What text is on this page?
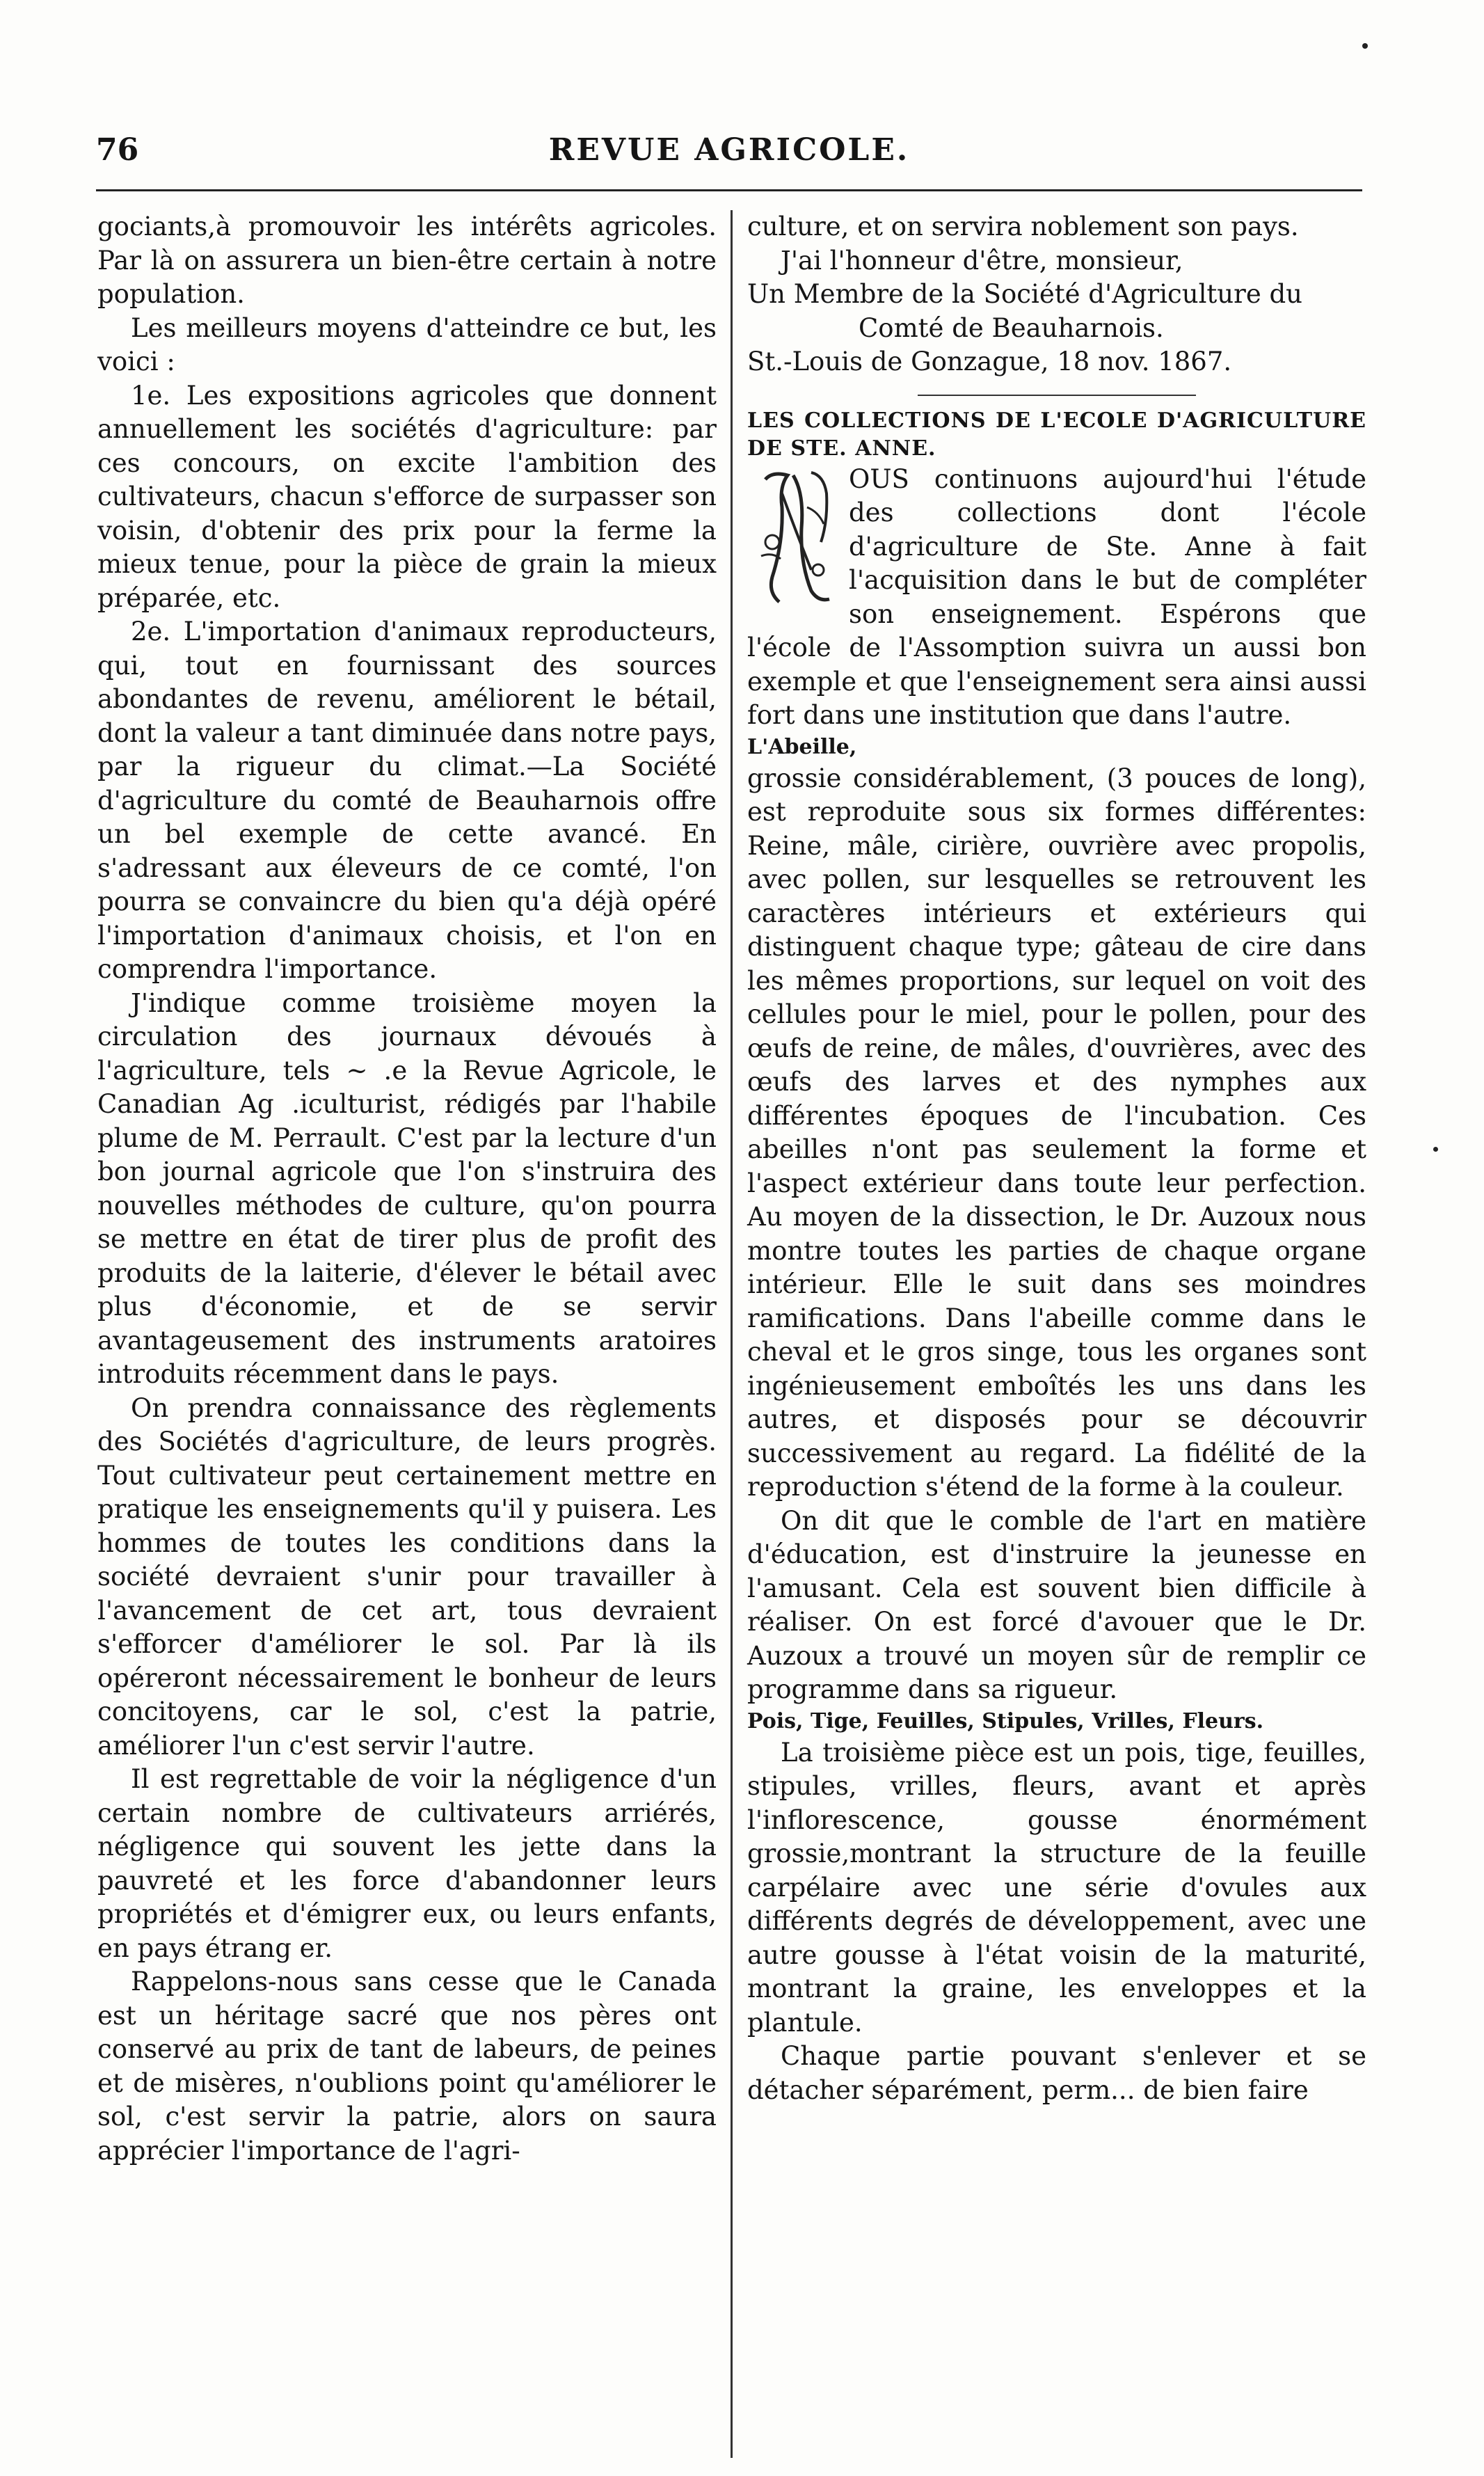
76	REVUE AGRICOLE.

gociants,à promouvoir les intérêts agricoles. Par là on assurera un bien-être certain à notre population.

Les meilleurs moyens d'atteindre ce but, les voici :

1e. Les expositions agricoles que donnent annuellement les sociétés d'agriculture: par ces concours, on excite l'ambition des cultivateurs, chacun s'efforce de surpasser son voisin, d'obtenir des prix pour la ferme la mieux tenue, pour la pièce de grain la mieux préparée, etc.

2e. L'importation d'animaux reproducteurs, qui, tout en fournissant des sources abondantes de revenu, améliorent le bétail, dont la valeur a tant diminuée dans notre pays, par la rigueur du climat.—La Société d'agriculture du comté de Beauharnois offre un bel exemple de cette avancé. En s'adressant aux éleveurs de ce comté, l'on pourra se convaincre du bien qu'a déjà opéré l'importation d'animaux choisis, et l'on en comprendra l'importance.

J'indique comme troisième moyen la circulation des journaux dévoués à l'agriculture, tels ~ .e la Revue Agricole, le Canadian Ag .iculturist, rédigés par l'habile plume de M. Perrault. C'est par la lecture d'un bon journal agricole que l'on s'instruira des nouvelles méthodes de culture, qu'on pourra se mettre en état de tirer plus de profit des produits de la laiterie, d'élever le bétail avec plus d'économie, et de se servir avantageusement des instruments aratoires introduits récemment dans le pays.

On prendra connaissance des règlements des Sociétés d'agriculture, de leurs progrès. Tout cultivateur peut certainement mettre en pratique les enseignements qu'il y puisera. Les hommes de toutes les conditions dans la société devraient s'unir pour travailler à l'avancement de cet art, tous devraient s'efforcer d'améliorer le sol. Par là ils opéreront nécessairement le bonheur de leurs concitoyens, car le sol, c'est la patrie, améliorer l'un c'est servir l'autre.

Il est regrettable de voir la négligence d'un certain nombre de cultivateurs arriérés, négligence qui souvent les jette dans la pauvreté et les force d'abandonner leurs propriétés et d'émigrer eux, ou leurs enfants, en pays étrang er.

Rappelons-nous sans cesse que le Canada est un héritage sacré que nos pères ont conservé au prix de tant de labeurs, de peines et de misères, n'oublions point qu'améliorer le sol, c'est servir la patrie, alors on saura apprécier l'importance de l'agri-

culture, et on servira noblement son pays.

J'ai l'honneur d'être, monsieur,

Un Membre de la Société d'Agriculture du

Comté de Beauharnois.

St.-Louis de Gonzague, 18 nov. 1867.

LES COLLECTIONS DE L'ECOLE D'AGRICULTURE DE STE. ANNE.

OUS continuons aujourd'hui l'étude des collections dont l'école d'agriculture de Ste. Anne à fait l'acquisition dans le but de compléter son enseignement. Espérons que l'école de l'Assomption suivra un aussi bon exemple et que l'enseignement sera ainsi aussi fort dans une institution que dans l'autre.

L'Abeille,

grossie considérablement, (3 pouces de long), est reproduite sous six formes différentes: Reine, mâle, cirière, ouvrière avec propolis, avec pollen, sur lesquelles se retrouvent les caractères intérieurs et extérieurs qui distinguent chaque type; gâteau de cire dans les mêmes proportions, sur lequel on voit des cellules pour le miel, pour le pollen, pour des œufs de reine, de mâles, d'ouvrières, avec des œufs des larves et des nymphes aux différentes époques de l'incubation. Ces abeilles n'ont pas seulement la forme et l'aspect extérieur dans toute leur perfection. Au moyen de la dissection, le Dr. Auzoux nous montre toutes les parties de chaque organe intérieur. Elle le suit dans ses moindres ramifications. Dans l'abeille comme dans le cheval et le gros singe, tous les organes sont ingénieusement emboîtés les uns dans les autres, et disposés pour se découvrir successivement au regard. La fidélité de la reproduction s'étend de la forme à la couleur.

On dit que le comble de l'art en matière d'éducation, est d'instruire la jeunesse en l'amusant. Cela est souvent bien difficile à réaliser. On est forcé d'avouer que le Dr. Auzoux a trouvé un moyen sûr de remplir ce programme dans sa rigueur.

Pois, Tige, Feuilles, Stipules, Vrilles, Fleurs.

La troisième pièce est un pois, tige, feuilles, stipules, vrilles, fleurs, avant et après l'inflorescence, gousse énormément grossie,montrant la structure de la feuille carpélaire avec une série d'ovules aux différents degrés de développement, avec une autre gousse à l'état voisin de la maturité, montrant la graine, les enveloppes et la plantule.

Chaque partie pouvant s'enlever et se détacher séparément, perm... de bien faire
